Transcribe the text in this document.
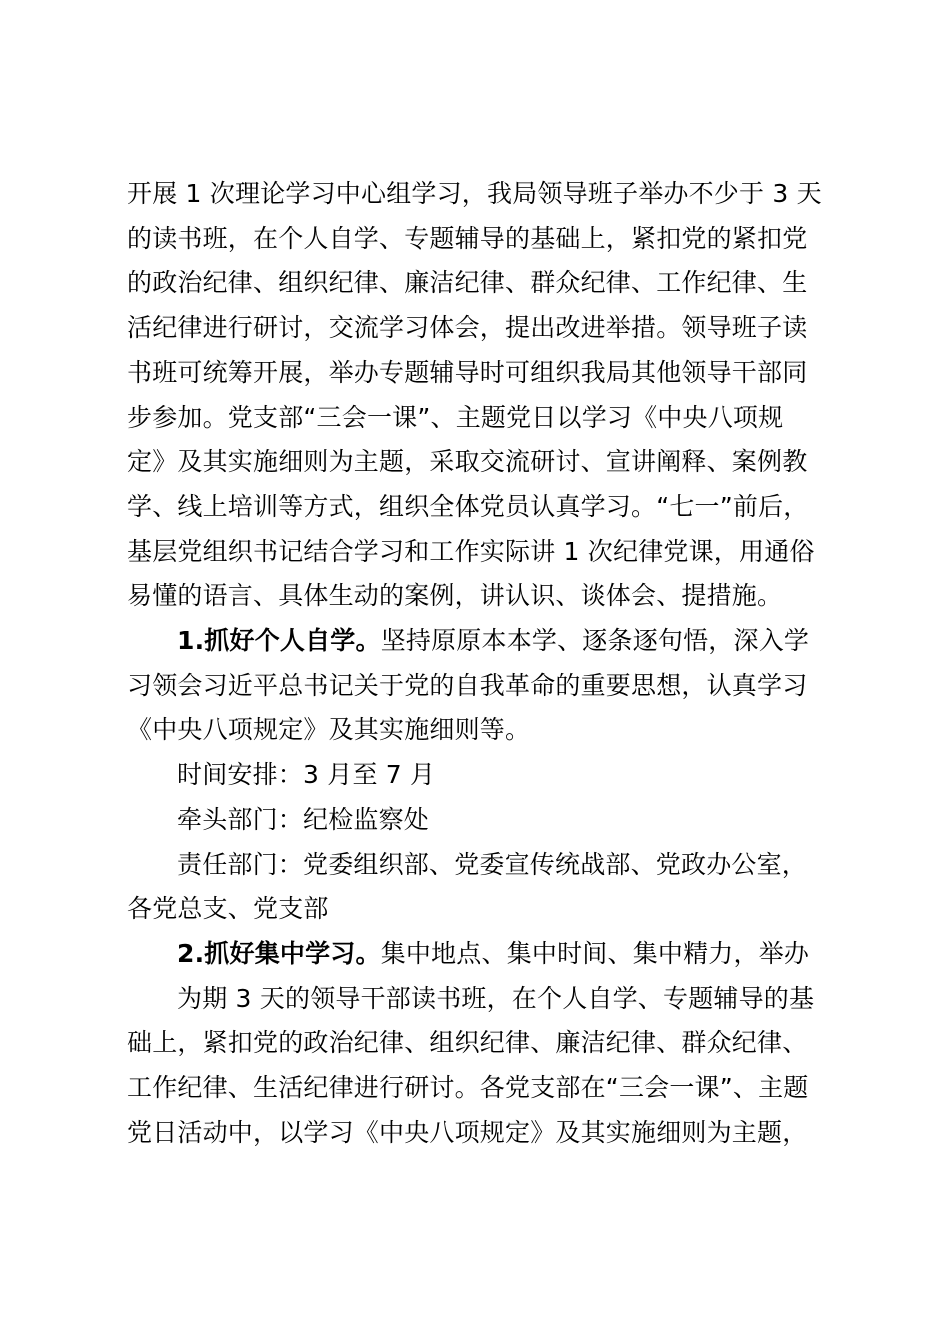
开展 1 次理论学习中心组学习，我局领导班子举办不少于 3 天
的读书班，在个人自学、专题辅导的基础上，紧扣党的紧扣党
的政治纪律、组织纪律、廉洁纪律、群众纪律、工作纪律、生
活纪律进行研讨，交流学习体会，提出改进举措。领导班子读
书班可统筹开展，举办专题辅导时可组织我局其他领导干部同
步参加。党支部“三会一课”、主题党日以学习《中央八项规
定》及其实施细则为主题，采取交流研讨、宣讲阐释、案例教
学、线上培训等方式，组织全体党员认真学习。“七一”前后，
基层党组织书记结合学习和工作实际讲 1 次纪律党课，用通俗
易懂的语言、具体生动的案例，讲认识、谈体会、提措施。
1.抓好个人自学。坚持原原本本学、逐条逐句悟，深入学
习领会习近平总书记关于党的自我革命的重要思想，认真学习
《中央八项规定》及其实施细则等。
时间安排：3 月至 7 月
牵头部门：纪检监察处
责任部门：党委组织部、党委宣传统战部、党政办公室，
各党总支、党支部
2.抓好集中学习。集中地点、集中时间、集中精力，举办
为期 3 天的领导干部读书班，在个人自学、专题辅导的基
础上，紧扣党的政治纪律、组织纪律、廉洁纪律、群众纪律、
工作纪律、生活纪律进行研讨。各党支部在“三会一课”、主题
党日活动中，以学习《中央八项规定》及其实施细则为主题，
